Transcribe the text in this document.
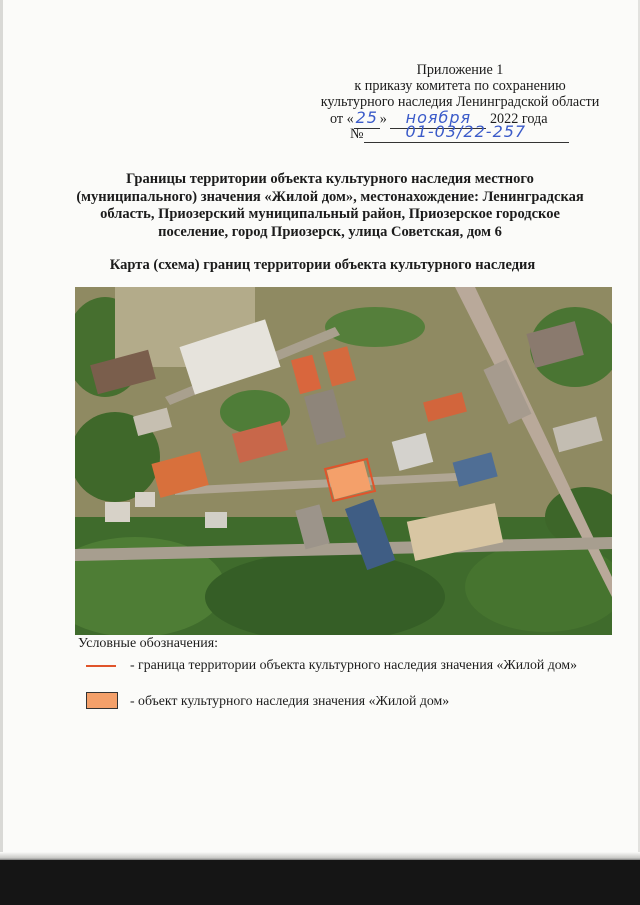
Приложение 1
к приказу комитета по сохранению
культурного наследия Ленинградской области
от « 25 » ноября 2022 года
№	01-03/22-257
Границы территории объекта культурного наследия местного
(муниципального) значения «Жилой дом», местонахождение: Ленинградская
область, Приозерский муниципальный район, Приозерское городское
поселение, город Приозерск, улица Советская, дом 6
Карта (схема) границ территории объекта культурного наследия
Условные обозначения:
- граница территории объекта культурного наследия значения «Жилой дом»
- объект культурного наследия значения «Жилой дом»
